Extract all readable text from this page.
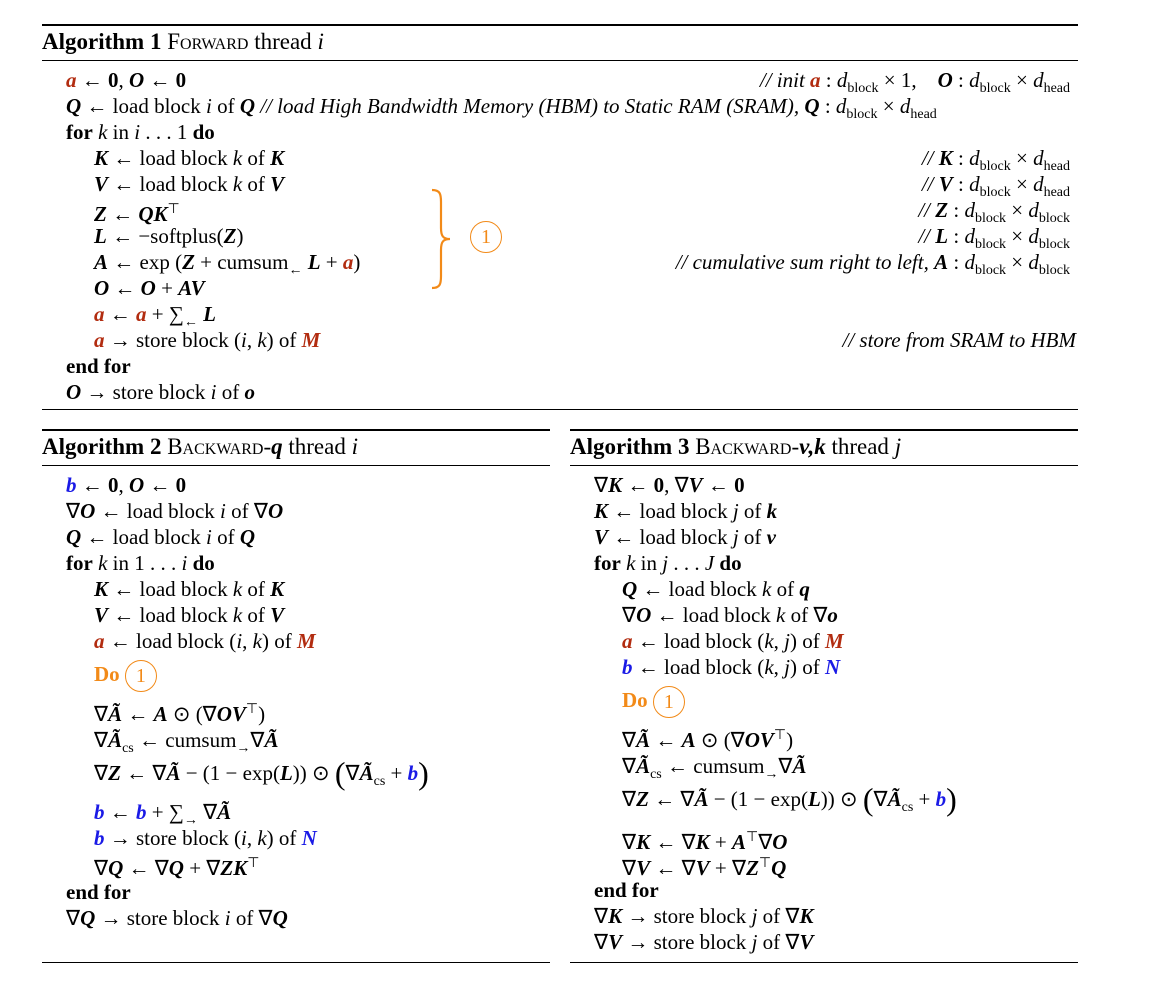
Algorithm 1 Forward thread i
a ← 0, O ← 0	// init a : $d_{block} \times 1$,    O : $d_{block} \times d_{head}$
Q ← load block i of Q // load High Bandwidth Memory (HBM) to Static RAM (SRAM), Q : $d_{block} \times d_{head}$
for k in i . . . 1 do
K ← load block k of K	// K : $d_{block} \times d_{head}$
V ← load block k of V	// V : $d_{block} \times d_{head}$
Z ← QK⊤	// Z : $d_{block} \times d_{block}$
L ← −softplus(Z)	// L : $d_{block} \times d_{block}$
A ← exp (Z + cumsum$_\leftarrow$ L + a)	// cumulative sum right to left, A : $d_{block} \times d_{block}$
1
O ← O + AV
a ← $a + \sum_\leftarrow$ L
a → store block (i, k) of M	// store from SRAM to HBM
end for
O → store block i of o
Algorithm 2 Backward-q thread i
b ← 0, O ← 0
∇O ← load block i of ∇O
Q ← load block i of Q
for k in 1 . . . i do
K ← load block k of K
V ← load block k of V
a ← load block (i, k) of M
Do 1
∇Ã ← A ⊙ (∇OV⊤)
$\nabla Ã_{cs}$ ← cumsum$_\to$∇Ã
∇Z ← ∇Ã − (1 − exp(L)) ⊙ $(\nabla Ã_{cs} + b)$
b ← $b + \sum_\to$ ∇Ã
b → store block (i, k) of N
∇Q ← ∇Q + ∇ZK⊤
end for
∇Q → store block i of ∇Q
Algorithm 3 Backward-v,k thread j
∇K ← 0, ∇V ← 0
K ← load block j of k
V ← load block j of v
for k in j . . . J do
Q ← load block k of q
∇O ← load block k of ∇o
a ← load block (k, j) of M
b ← load block (k, j) of N
Do 1
∇Ã ← A ⊙ (∇OV⊤)
$\nabla Ã_{cs}$ ← cumsum$_\to$∇Ã
∇Z ← ∇Ã − (1 − exp(L)) ⊙ $(\nabla Ã_{cs} + b)$
∇K ← ∇K + A⊤∇O
∇V ← ∇V + ∇Z⊤Q
end for
∇K → store block j of ∇K
∇V → store block j of ∇V
